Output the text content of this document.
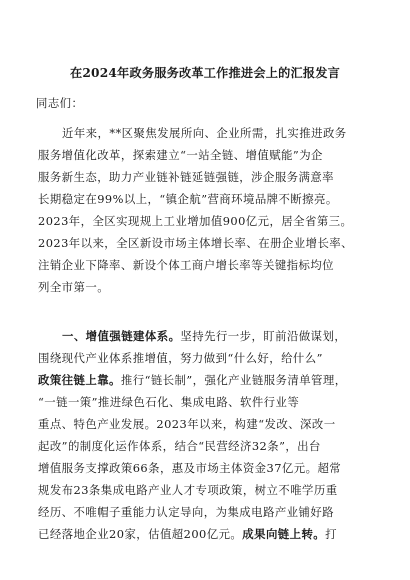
在2024年政务服务改革工作推进会上的汇报发言
同志们：
近年来，**区聚焦发展所向、企业所需，扎实推进政务
服务增值化改革，探索建立“一站全链、增值赋能”为企
服务新生态，助力产业链补链延链强链，涉企服务满意率
长期稳定在99%以上，“镇企航”营商环境品牌不断擦亮。
2023年，全区实现规上工业增加值900亿元，居全省第三。
2023年以来，全区新设市场主体增长率、在册企业增长率、
注销企业下降率、新设个体工商户增长率等关键指标均位
列全市第一。
一、增值强链建体系。坚持先行一步，盯前沿做谋划，
围绕现代产业体系推增值，努力做到“什么好，给什么”
政策往链上靠。推行“链长制”，强化产业链服务清单管理，
“一链一策”推进绿色石化、集成电路、软件行业等
重点、特色产业发展。2023年以来，构建“发改、深改一
起改”的制度化运作体系，结合“民营经济32条”，出台
增值服务支撑政策66条，惠及市场主体资金37亿元。超常
规发布23条集成电路产业人才专项政策，树立不唯学历重
经历、不唯帽子重能力认定导向，为集成电路产业铺好路
已经落地企业20家，估值超200亿元。成果向链上转。打
